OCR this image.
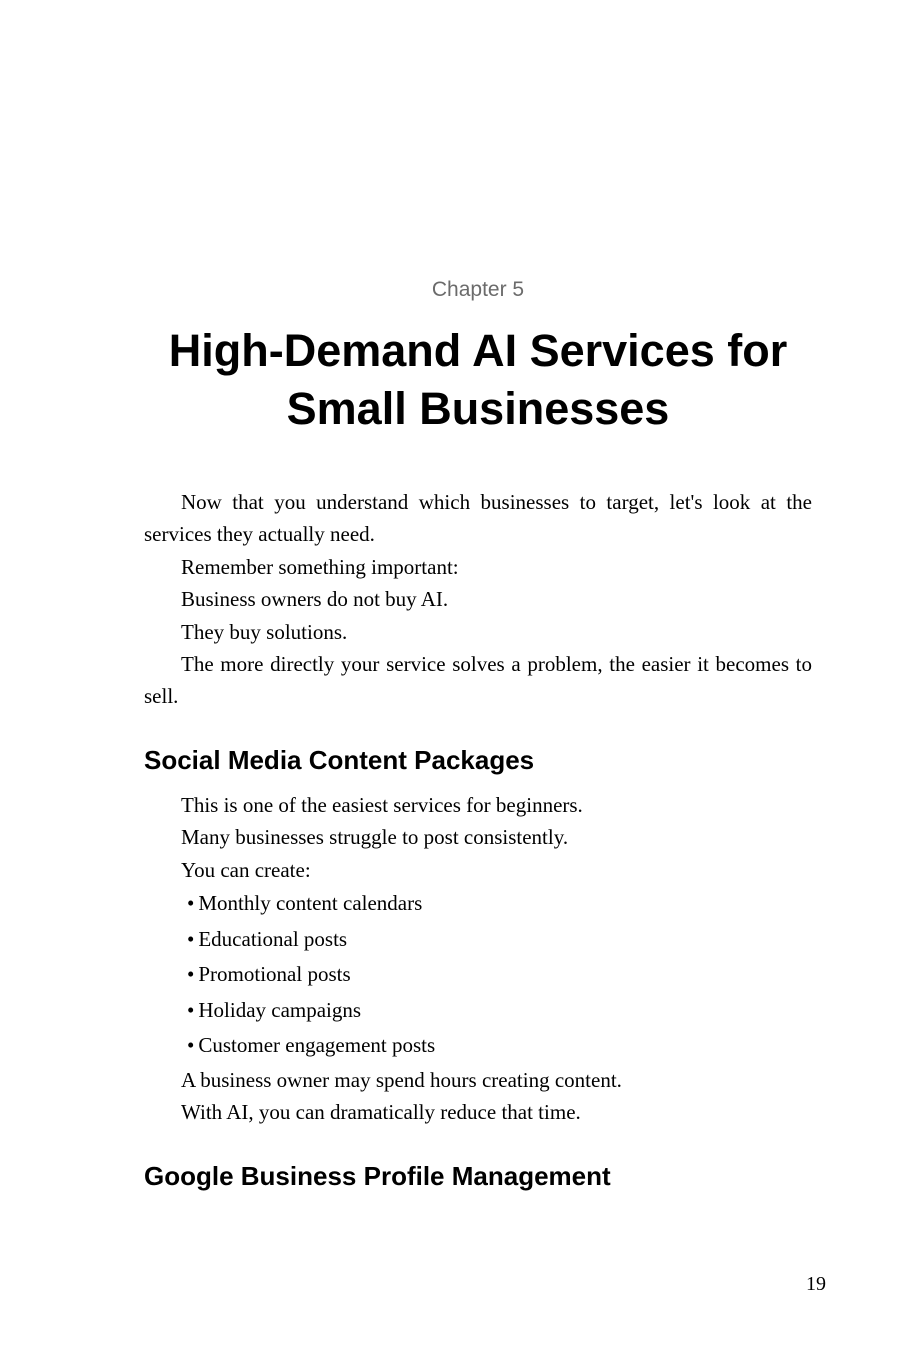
Chapter 5
High-Demand AI Services for
Small Businesses

Now that you understand which businesses to target, let's look at the services they actually need.

Remember something important:

Business owners do not buy AI.

They buy solutions.

The more directly your service solves a problem, the easier it becomes to sell.

Social Media Content Packages

This is one of the easiest services for beginners.

Many businesses struggle to post consistently.

You can create:

• Monthly content calendars
• Educational posts
• Promotional posts
• Holiday campaigns
• Customer engagement posts

A business owner may spend hours creating content.

With AI, you can dramatically reduce that time.

Google Business Profile Management
19
